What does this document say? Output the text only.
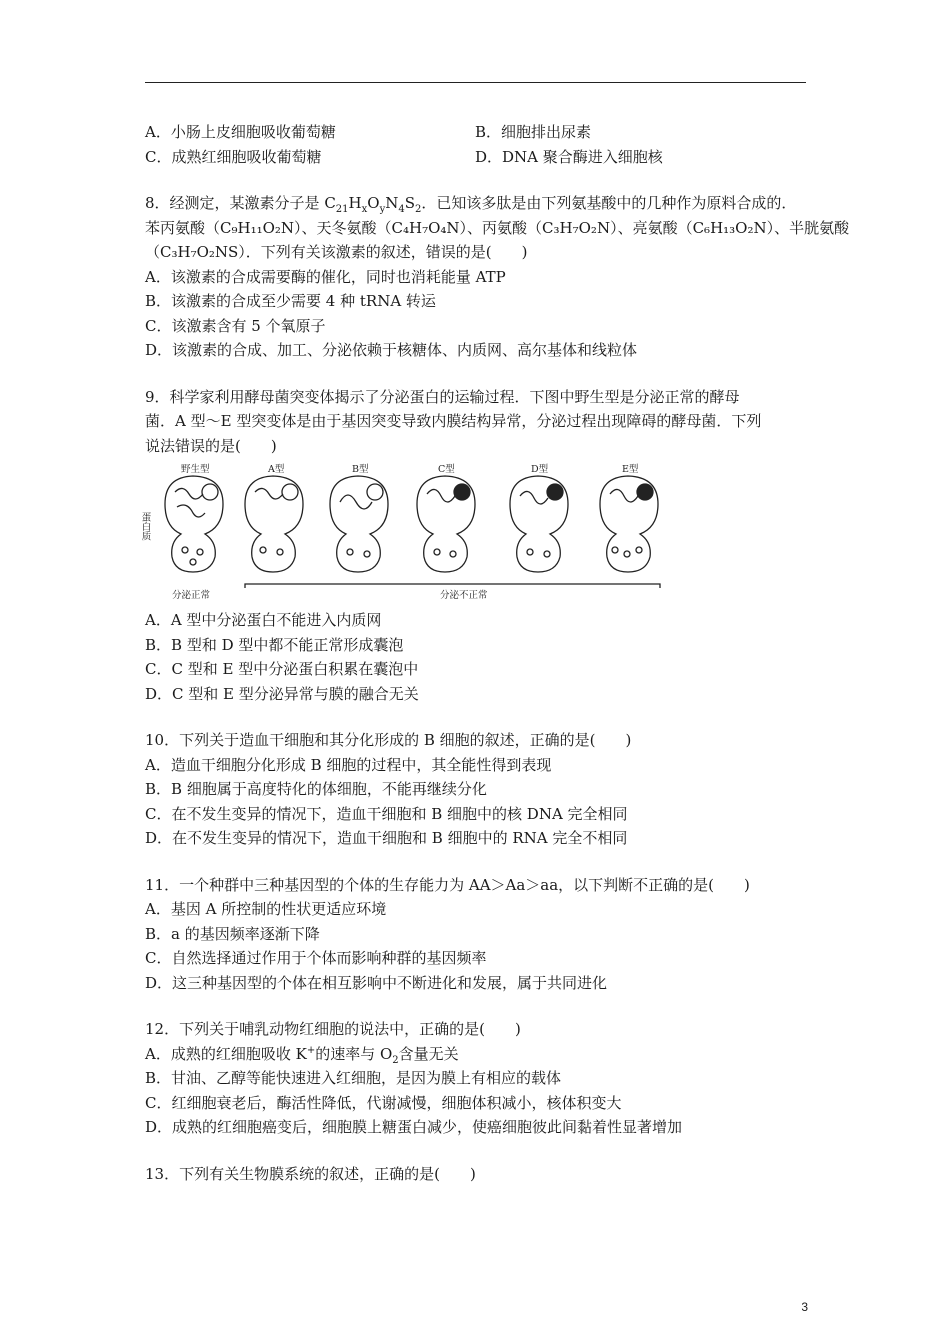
A．小肠上皮细胞吸收葡萄糖	B．细胞排出尿素
C．成熟红细胞吸收葡萄糖	D．DNA 聚合酶进入细胞核
8．经测定，某激素分子是 $C_{21}H_xO_yN_4S_2$．已知该多肽是由下列氨基酸中的几种作为原料合成的．
苯丙氨酸（C₉H₁₁O₂N）、天冬氨酸（C₄H₇O₄N）、丙氨酸（C₃H₇O₂N）、亮氨酸（C₆H₁₃O₂N）、半胱氨酸
（C₃H₇O₂NS）．下列有关该激素的叙述，错误的是(　　)
A．该激素的合成需要酶的催化，同时也消耗能量 ATP
B．该激素的合成至少需要 4 种 tRNA 转运
C．该激素含有 5 个氧原子
D．该激素的合成、加工、分泌依赖于核糖体、内质网、高尔基体和线粒体
9．科学家利用酵母菌突变体揭示了分泌蛋白的运输过程．下图中野生型是分泌正常的酵母
菌．A 型～E 型突变体是由于基因突变导致内膜结构异常，分泌过程出现障碍的酵母菌．下列
说法错误的是(　　)
野生型	A型	B型	C型	D型	E型
蛋白质
分泌正常	分泌不正常
A．A 型中分泌蛋白不能进入内质网
B．B 型和 D 型中都不能正常形成囊泡
C．C 型和 E 型中分泌蛋白积累在囊泡中
D．C 型和 E 型分泌异常与膜的融合无关
10．下列关于造血干细胞和其分化形成的 B 细胞的叙述，正确的是(　　)
A．造血干细胞分化形成 B 细胞的过程中，其全能性得到表现
B．B 细胞属于高度特化的体细胞，不能再继续分化
C．在不发生变异的情况下，造血干细胞和 B 细胞中的核 DNA 完全相同
D．在不发生变异的情况下，造血干细胞和 B 细胞中的 RNA 完全不相同
11．一个种群中三种基因型的个体的生存能力为 AA＞Aa＞aa，以下判断不正确的是(　　)
A．基因 A 所控制的性状更适应环境
B．a 的基因频率逐渐下降
C．自然选择通过作用于个体而影响种群的基因频率
D．这三种基因型的个体在相互影响中不断进化和发展，属于共同进化
12．下列关于哺乳动物红细胞的说法中，正确的是(　　)
A．成熟的红细胞吸收 K+的速率与 $O_2$含量无关
B．甘油、乙醇等能快速进入红细胞，是因为膜上有相应的载体
C．红细胞衰老后，酶活性降低，代谢减慢，细胞体积减小，核体积变大
D．成熟的红细胞癌变后，细胞膜上糖蛋白减少，使癌细胞彼此间黏着性显著增加
13．下列有关生物膜系统的叙述，正确的是(　　)
3
